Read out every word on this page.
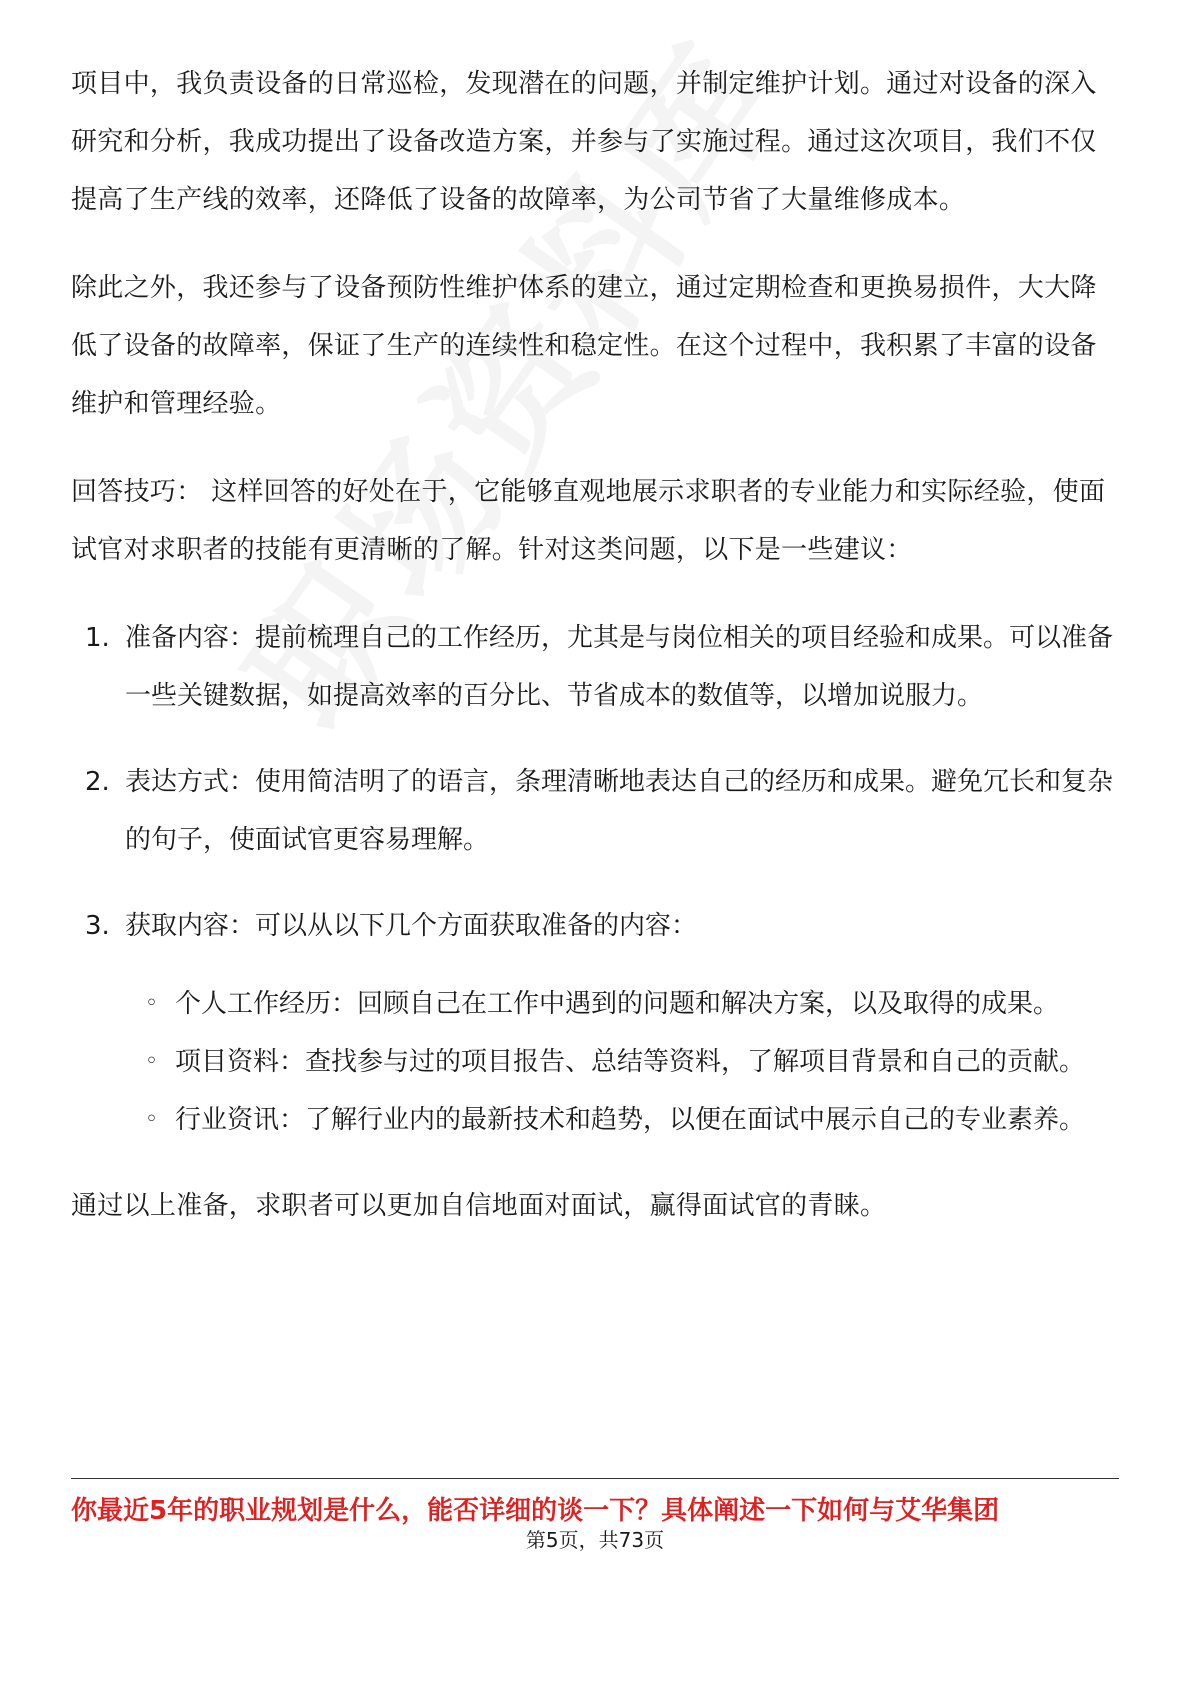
项目中，我负责设备的日常巡检，发现潜在的问题，并制定维护计划。通过对设备的深入研究和分析，我成功提出了设备改造方案，并参与了实施过程。通过这次项目，我们不仅提高了生产线的效率，还降低了设备的故障率，为公司节省了大量维修成本。

除此之外，我还参与了设备预防性维护体系的建立，通过定期检查和更换易损件，大大降低了设备的故障率，保证了生产的连续性和稳定性。在这个过程中，我积累了丰富的设备维护和管理经验。

回答技巧： 这样回答的好处在于，它能够直观地展示求职者的专业能力和实际经验，使面试官对求职者的技能有更清晰的了解。针对这类问题，以下是一些建议：

1. 准备内容：提前梳理自己的工作经历，尤其是与岗位相关的项目经验和成果。可以准备一些关键数据，如提高效率的百分比、节省成本的数值等，以增加说服力。
2. 表达方式：使用简洁明了的语言，条理清晰地表达自己的经历和成果。避免冗长和复杂的句子，使面试官更容易理解。
3. 获取内容：可以从以下几个方面获取准备的内容：
◦ 个人工作经历：回顾自己在工作中遇到的问题和解决方案，以及取得的成果。
◦ 项目资料：查找参与过的项目报告、总结等资料，了解项目背景和自己的贡献。
◦ 行业资讯：了解行业内的最新技术和趋势，以便在面试中展示自己的专业素养。

通过以上准备，求职者可以更加自信地面对面试，赢得面试官的青睐。

你最近5年的职业规划是什么，能否详细的谈一下？具体阐述一下如何与艾华集团
第5页，共73页
